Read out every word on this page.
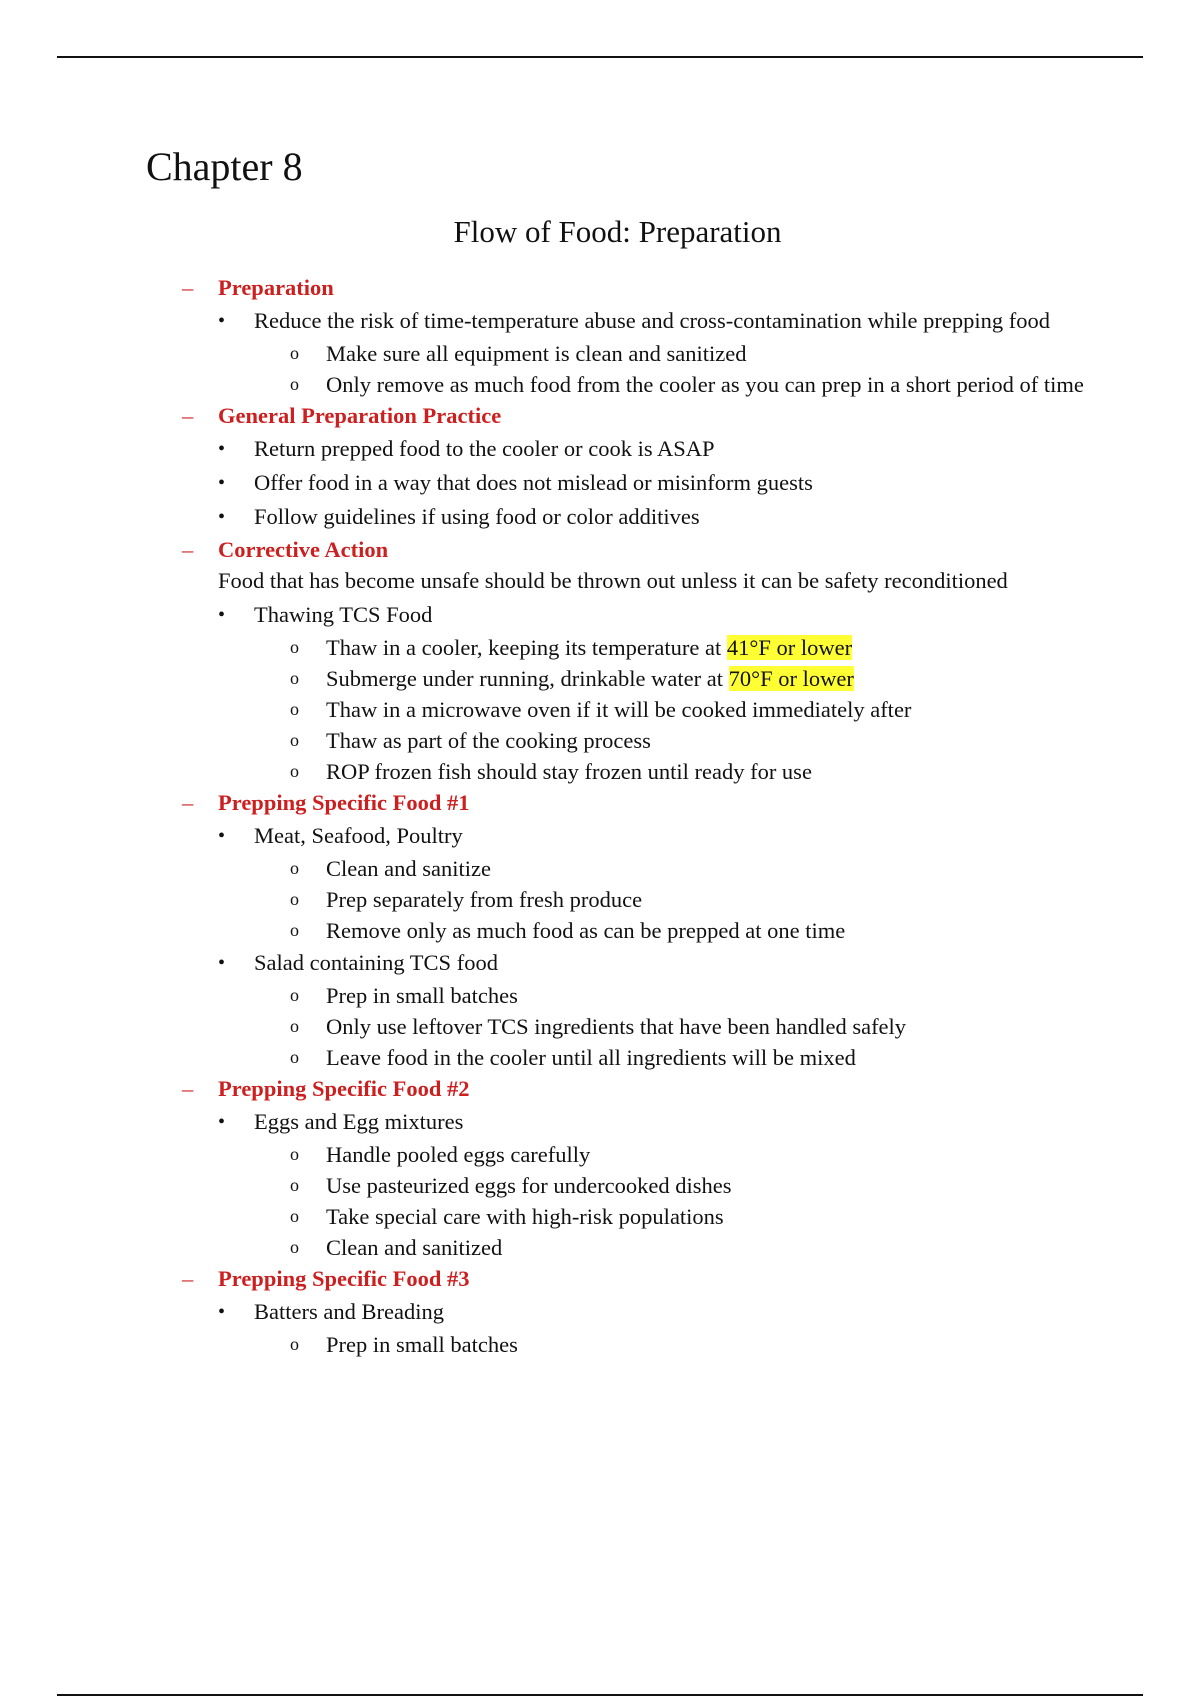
Chapter 8
Flow of Food: Preparation
– Preparation
• Reduce the risk of time-temperature abuse and cross-contamination while prepping food
o Make sure all equipment is clean and sanitized
o Only remove as much food from the cooler as you can prep in a short period of time
– General Preparation Practice
• Return prepped food to the cooler or cook is ASAP
• Offer food in a way that does not mislead or misinform guests
• Follow guidelines if using food or color additives
– Corrective Action
Food that has become unsafe should be thrown out unless it can be safety reconditioned
• Thawing TCS Food
o Thaw in a cooler, keeping its temperature at 41°F or lower
o Submerge under running, drinkable water at 70°F or lower
o Thaw in a microwave oven if it will be cooked immediately after
o Thaw as part of the cooking process
o ROP frozen fish should stay frozen until ready for use
– Prepping Specific Food #1
• Meat, Seafood, Poultry
o Clean and sanitize
o Prep separately from fresh produce
o Remove only as much food as can be prepped at one time
• Salad containing TCS food
o Prep in small batches
o Only use leftover TCS ingredients that have been handled safely
o Leave food in the cooler until all ingredients will be mixed
– Prepping Specific Food #2
• Eggs and Egg mixtures
o Handle pooled eggs carefully
o Use pasteurized eggs for undercooked dishes
o Take special care with high-risk populations
o Clean and sanitized
– Prepping Specific Food #3
• Batters and Breading
o Prep in small batches
